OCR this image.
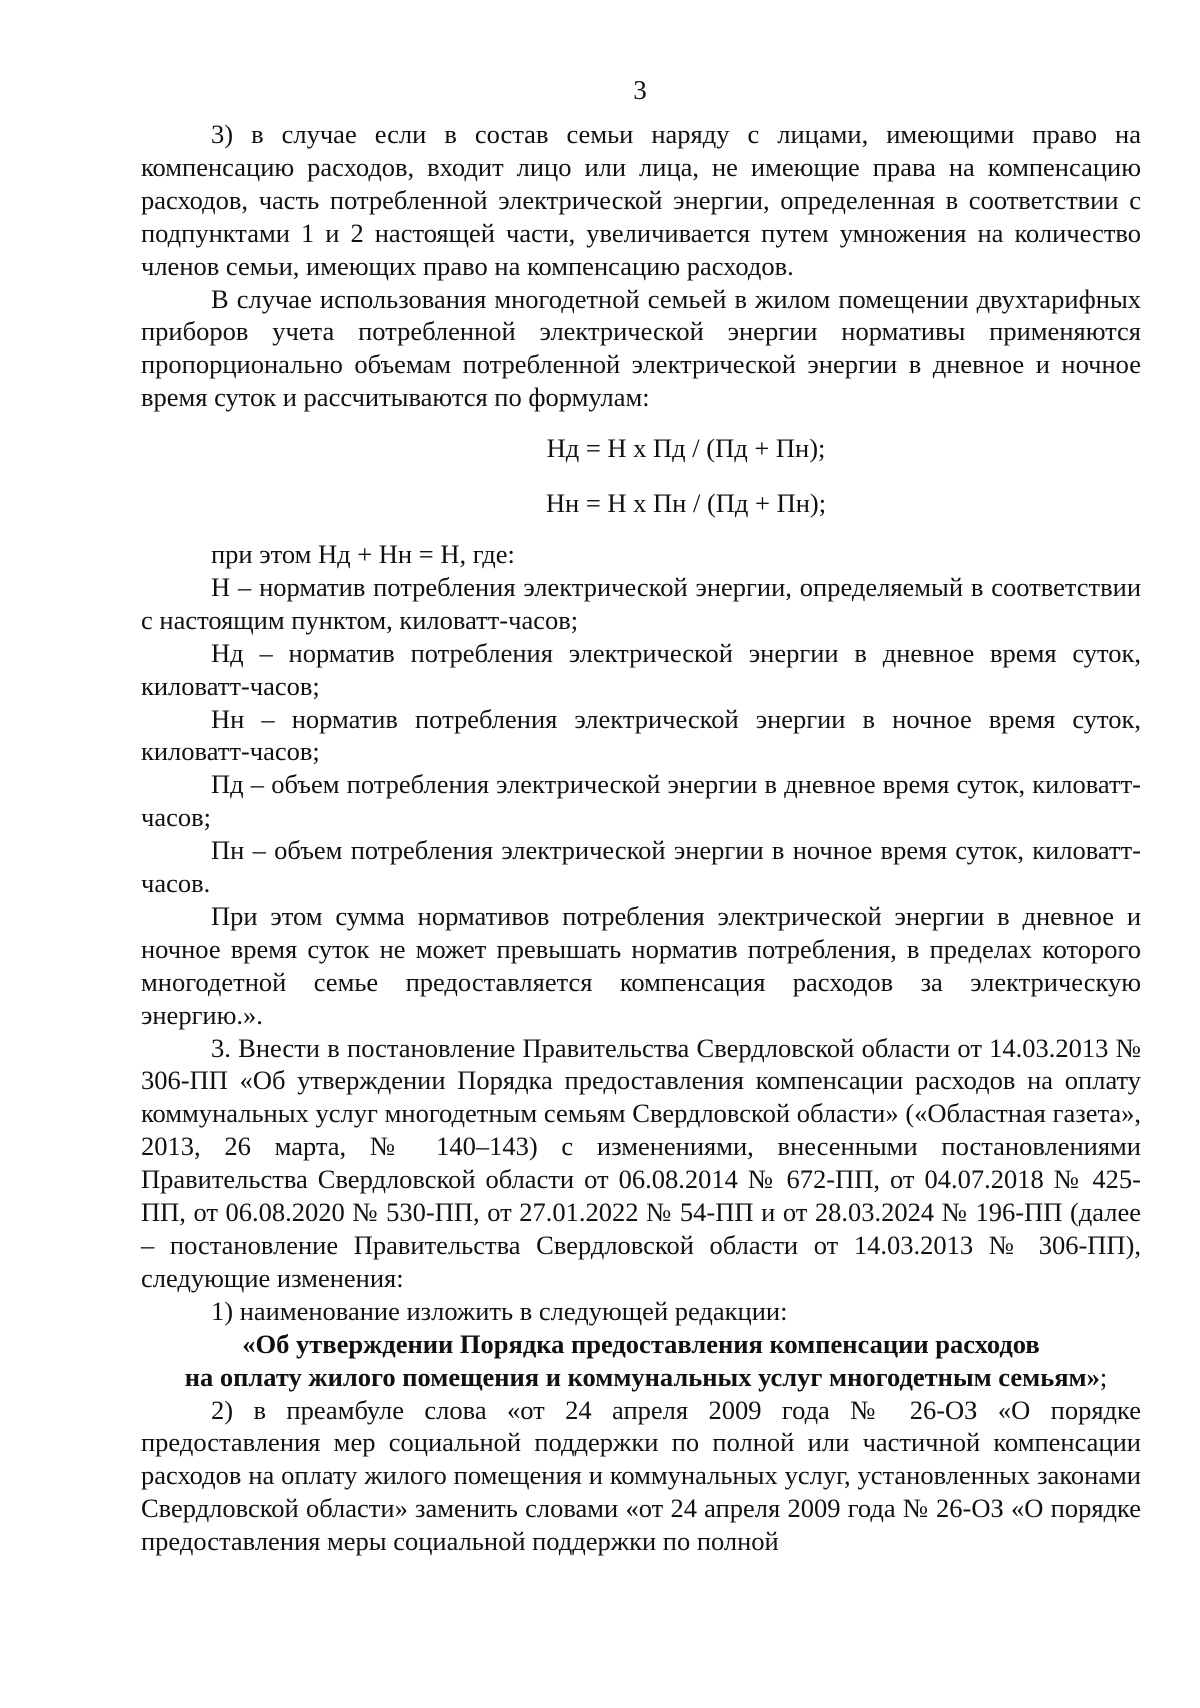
3

3) в случае если в состав семьи наряду с лицами, имеющими право на компенсацию расходов, входит лицо или лица, не имеющие права на компенсацию расходов, часть потребленной электрической энергии, определенная в соответствии с подпунктами 1 и 2 настоящей части, увеличивается путем умножения на количество членов семьи, имеющих право на компенсацию расходов.

В случае использования многодетной семьей в жилом помещении двухтарифных приборов учета потребленной электрической энергии нормативы применяются пропорционально объемам потребленной электрической энергии в дневное и ночное время суток и рассчитываются по формулам:

Нд = Н х Пд / (Пд + Пн);

Нн = Н х Пн / (Пд + Пн);

при этом Нд + Нн = Н, где:

Н – норматив потребления электрической энергии, определяемый в соответствии с настоящим пунктом, киловатт-часов;

Нд – норматив потребления электрической энергии в дневное время суток, киловатт-часов;

Нн – норматив потребления электрической энергии в ночное время суток, киловатт-часов;

Пд – объем потребления электрической энергии в дневное время суток, киловатт-часов;

Пн – объем потребления электрической энергии в ночное время суток, киловатт-часов.

При этом сумма нормативов потребления электрической энергии в дневное и ночное время суток не может превышать норматив потребления, в пределах которого многодетной семье предоставляется компенсация расходов за электрическую энергию.».

3. Внести в постановление Правительства Свердловской области от 14.03.2013 № 306-ПП «Об утверждении Порядка предоставления компенсации расходов на оплату коммунальных услуг многодетным семьям Свердловской области» («Областная газета», 2013, 26 марта, № 140–143) с изменениями, внесенными постановлениями Правительства Свердловской области от 06.08.2014 № 672-ПП, от 04.07.2018 № 425-ПП, от 06.08.2020 № 530-ПП, от 27.01.2022 № 54-ПП и от 28.03.2024 № 196-ПП (далее – постановление Правительства Свердловской области от 14.03.2013 № 306-ПП), следующие изменения:

1) наименование изложить в следующей редакции:

«Об утверждении Порядка предоставления компенсации расходов

на оплату жилого помещения и коммунальных услуг многодетным семьям»;

2) в преамбуле слова «от 24 апреля 2009 года № 26-ОЗ «О порядке предоставления мер социальной поддержки по полной или частичной компенсации расходов на оплату жилого помещения и коммунальных услуг, установленных законами Свердловской области» заменить словами «от 24 апреля 2009 года № 26-ОЗ «О порядке предоставления меры социальной поддержки по полной
